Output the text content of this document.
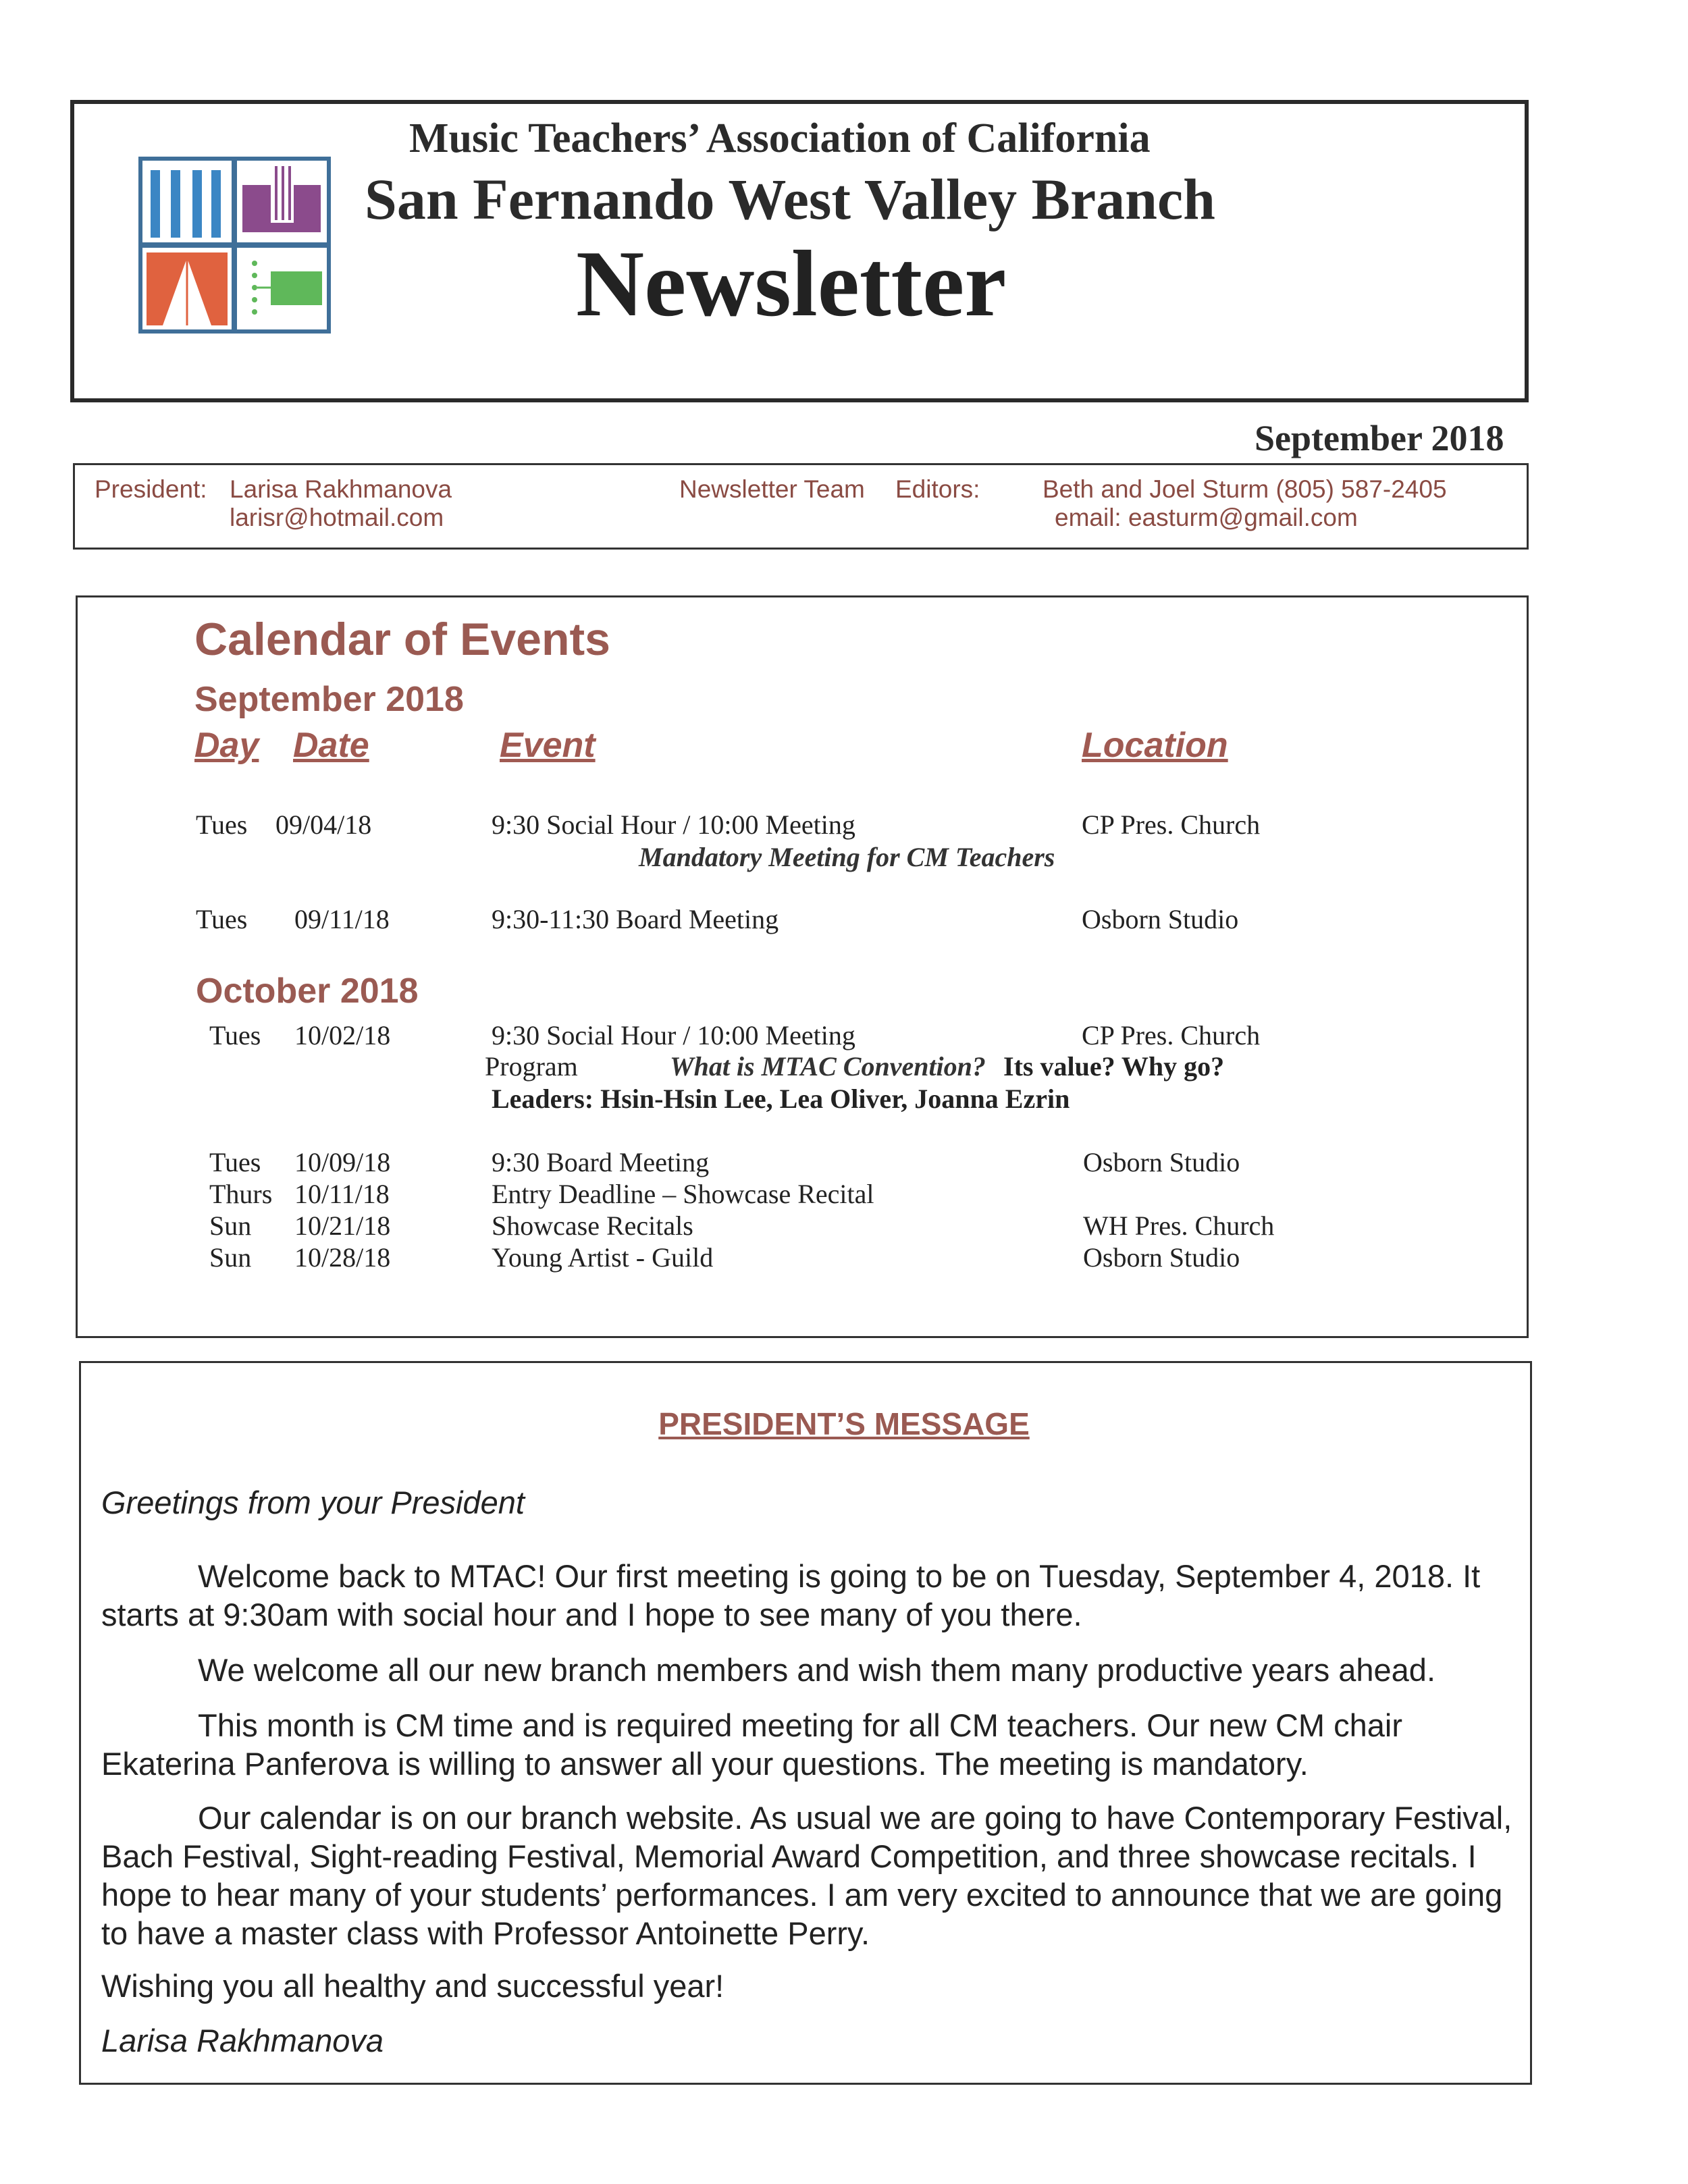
Music Teachers’ Association of California
San Fernando West Valley Branch
Newsletter
September 2018
President: Larisa Rakhmanova
larisr@hotmail.com
Newsletter Team Editors:	Beth and Joel Sturm (805) 587-2405
email: easturm@gmail.com
Calendar of Events
September 2018
Day Date	Event	Location
Tues 09/04/18	9:30 Social Hour / 10:00 Meeting	CP Pres. Church
Mandatory Meeting for CM Teachers
Tues 09/11/18	9:30-11:30 Board Meeting	Osborn Studio
October 2018
Tues 10/02/18	9:30 Social Hour / 10:00 Meeting	CP Pres. Church
Program	What is MTAC Convention? Its value? Why go?
Leaders: Hsin-Hsin Lee, Lea Oliver, Joanna Ezrin
Tues 10/09/18	9:30 Board Meeting	Osborn Studio
Thurs 10/11/18	Entry Deadline – Showcase Recital
Sun 10/21/18	Showcase Recitals	WH Pres. Church
Sun 10/28/18	Young Artist - Guild	Osborn Studio
PRESIDENT’S MESSAGE
Greetings from your President
Welcome back to MTAC! Our first meeting is going to be on Tuesday, September 4, 2018. It starts at 9:30am with social hour and I hope to see many of you there.
We welcome all our new branch members and wish them many productive years ahead.
This month is CM time and is required meeting for all CM teachers. Our new CM chair Ekaterina Panferova is willing to answer all your questions. The meeting is mandatory.
Our calendar is on our branch website. As usual we are going to have Contemporary Festival, Bach Festival, Sight-reading Festival, Memorial Award Competition, and three showcase recitals. I hope to hear many of your students’ performances. I am very excited to announce that we are going to have a master class with Professor Antoinette Perry.
Wishing you all healthy and successful year!
Larisa Rakhmanova
